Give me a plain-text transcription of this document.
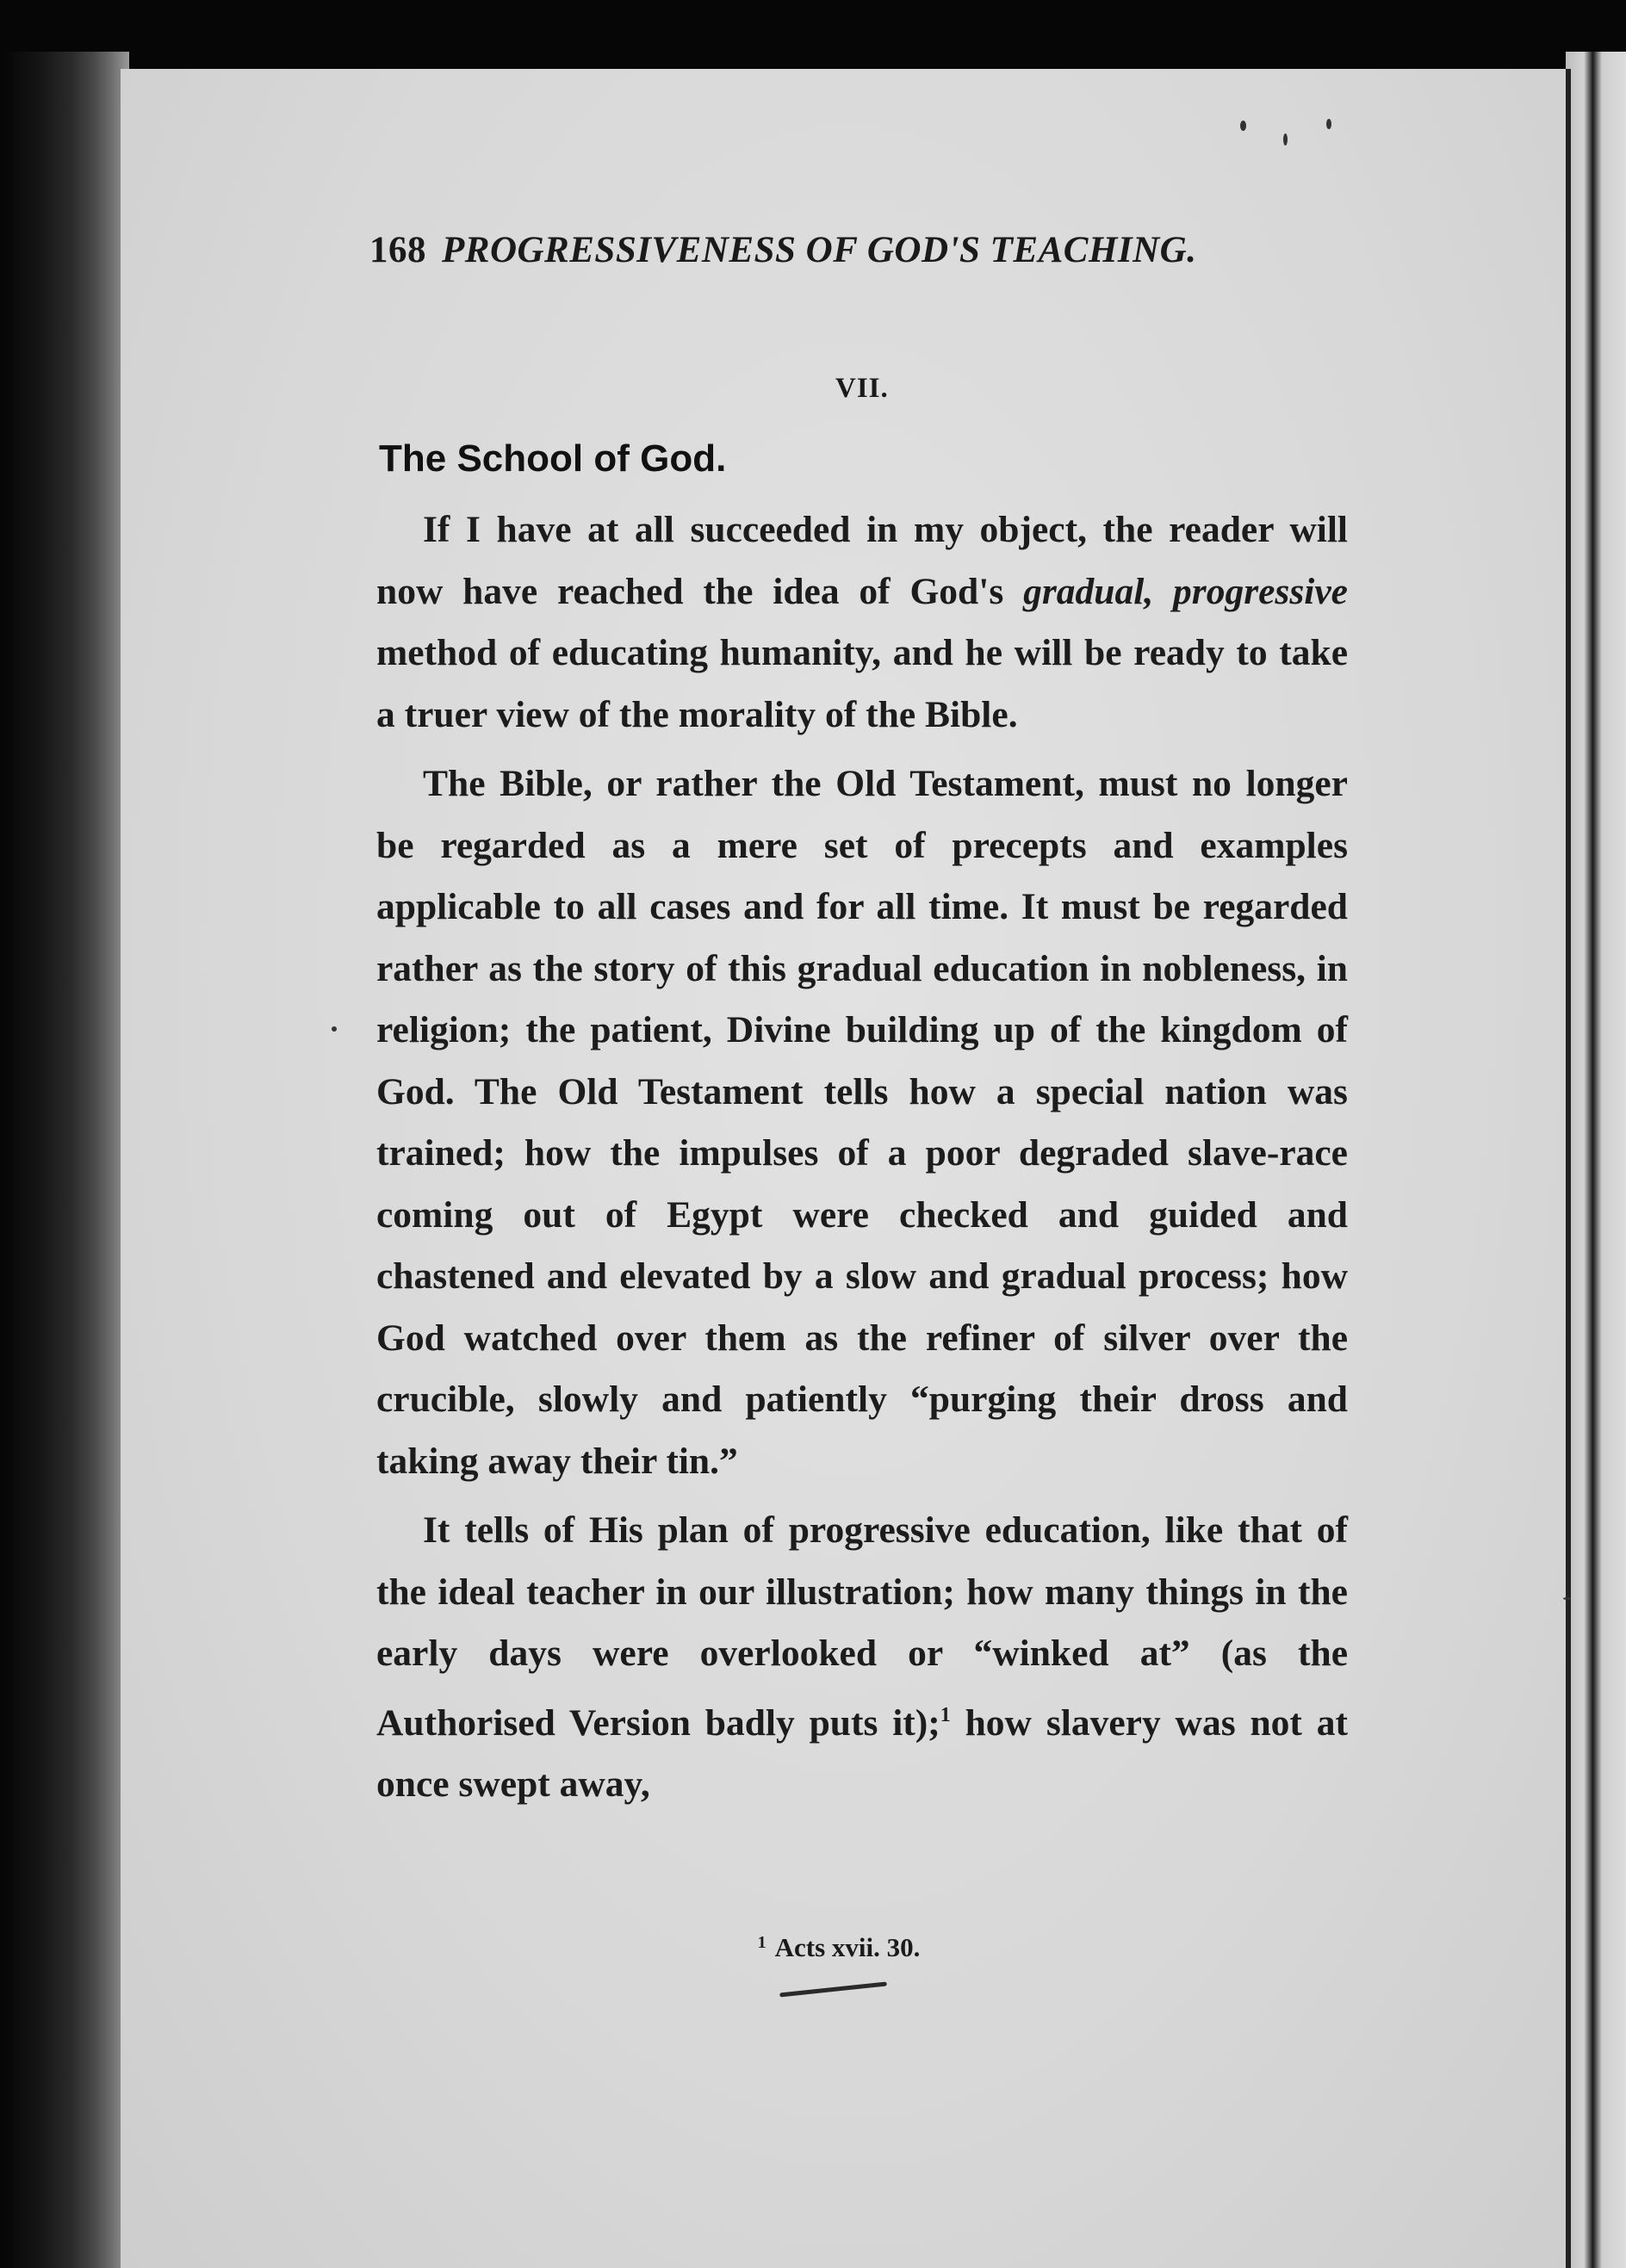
168 PROGRESSIVENESS OF GOD'S TEACHING.
VII.
The School of God.

If I have at all succeeded in my object, the reader will now have reached the idea of God's gradual, progressive method of educating humanity, and he will be ready to take a truer view of the morality of the Bible.

The Bible, or rather the Old Testament, must no longer be regarded as a mere set of precepts and examples applicable to all cases and for all time. It must be regarded rather as the story of this gradual education in nobleness, in religion; the patient, Divine building up of the kingdom of God. The Old Testament tells how a special nation was trained; how the impulses of a poor degraded slave-race coming out of Egypt were checked and guided and chastened and elevated by a slow and gradual process; how God watched over them as the refiner of silver over the crucible, slowly and patiently “purging their dross and taking away their tin.”

It tells of His plan of progressive education, like that of the ideal teacher in our illustration; how many things in the early days were overlooked or “winked at” (as the Authorised Version badly puts it);$^1$ how slavery was not at once swept away,

$^1$ Acts xvii. 30.
